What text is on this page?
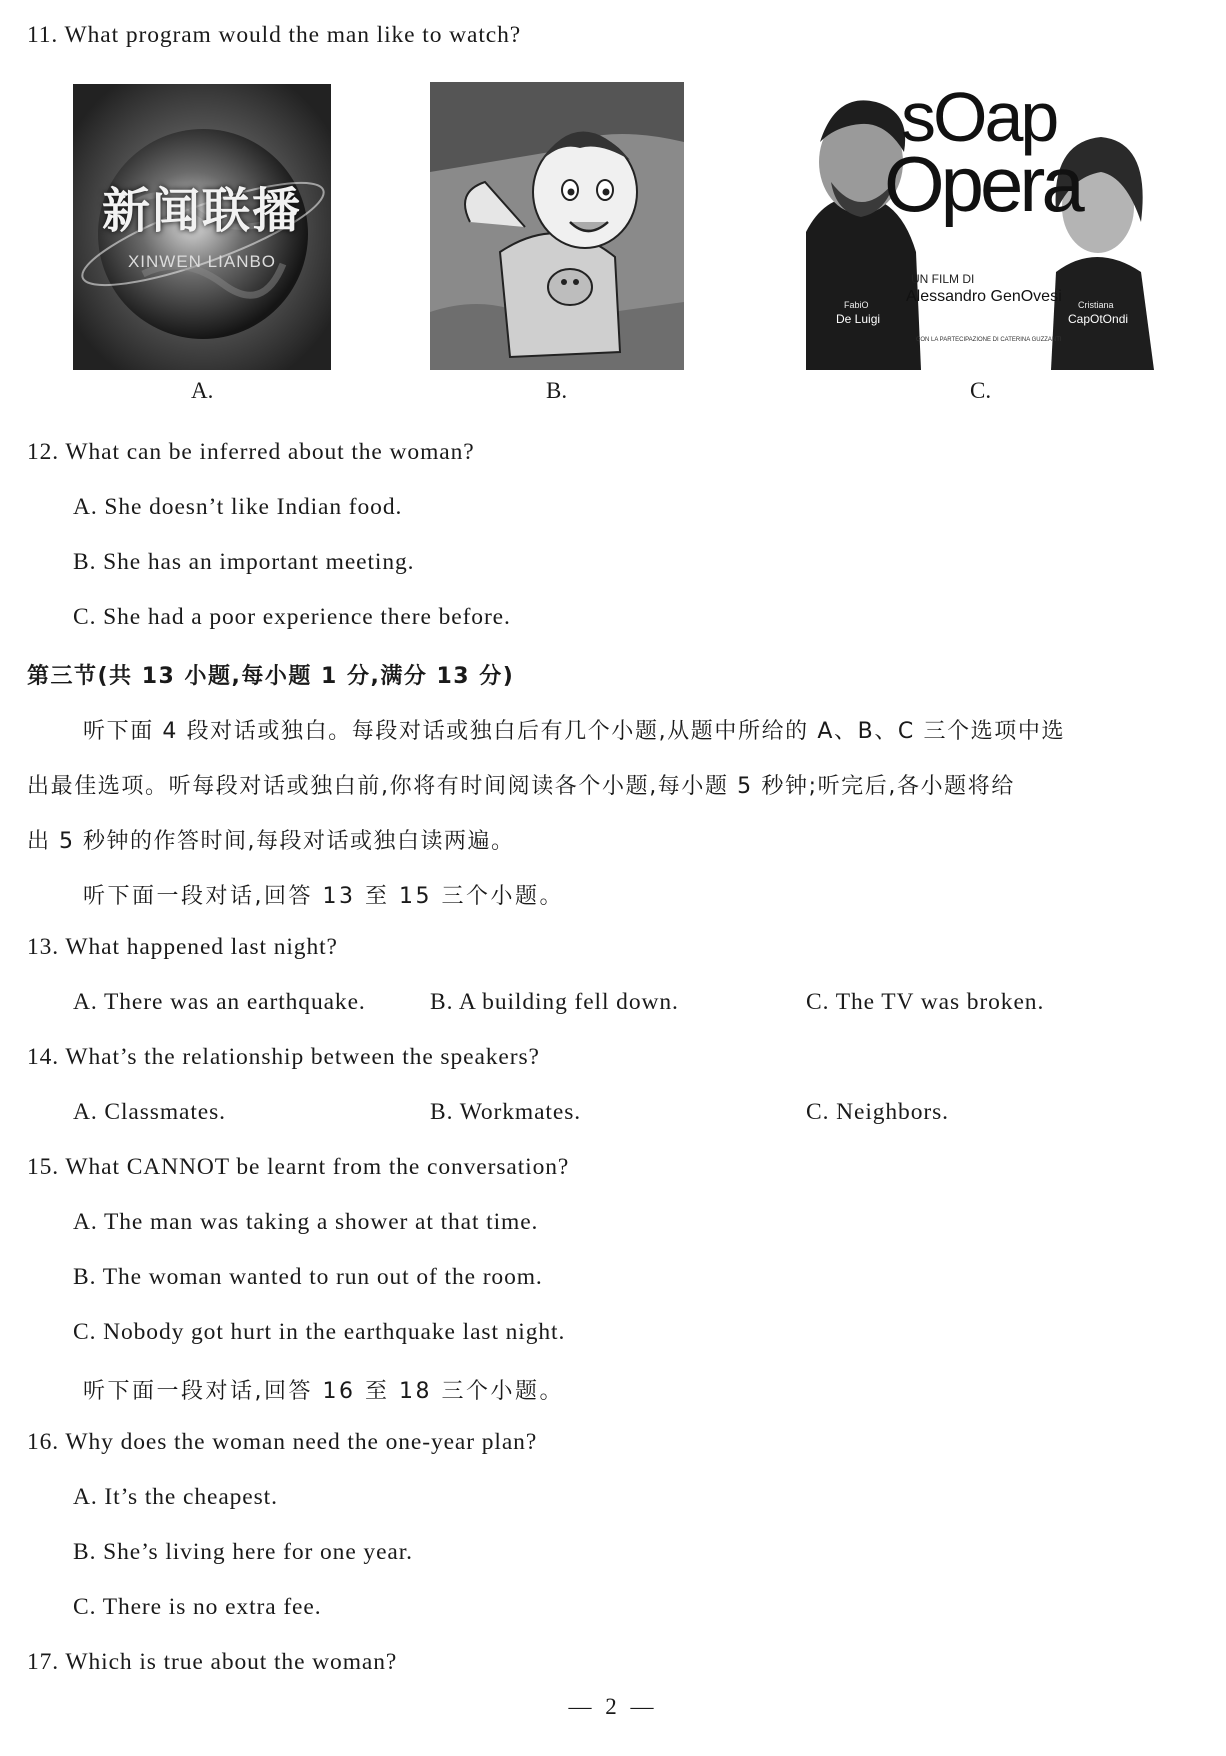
11. What program would the man like to watch?
新闻联播
XINWEN LIANBO
sOap
Opera
UN FILM DI
Alessandro GenOvesi
FabiO
De Luigi
Cristiana
CapOtOndi
CON LA PARTECIPAZIONE DI CATERINA GUZZANTI
A.	B.	C.
12. What can be inferred about the woman?
A. She doesn’t like Indian food.
B. She has an important meeting.
C. She had a poor experience there before.
第三节(共 13 小题,每小题 1 分,满分 13 分)
听下面 4 段对话或独白。每段对话或独白后有几个小题,从题中所给的 A、B、C 三个选项中选
出最佳选项。听每段对话或独白前,你将有时间阅读各个小题,每小题 5 秒钟;听完后,各小题将给
出 5 秒钟的作答时间,每段对话或独白读两遍。
听下面一段对话,回答 13 至 15 三个小题。
13. What happened last night?
A. There was an earthquake.	B. A building fell down.	C. The TV was broken.
14. What’s the relationship between the speakers?
A. Classmates.	B. Workmates.	C. Neighbors.
15. What CANNOT be learnt from the conversation?
A. The man was taking a shower at that time.
B. The woman wanted to run out of the room.
C. Nobody got hurt in the earthquake last night.
听下面一段对话,回答 16 至 18 三个小题。
16. Why does the woman need the one-year plan?
A. It’s the cheapest.
B. She’s living here for one year.
C. There is no extra fee.
17. Which is true about the woman?
— 2 —
